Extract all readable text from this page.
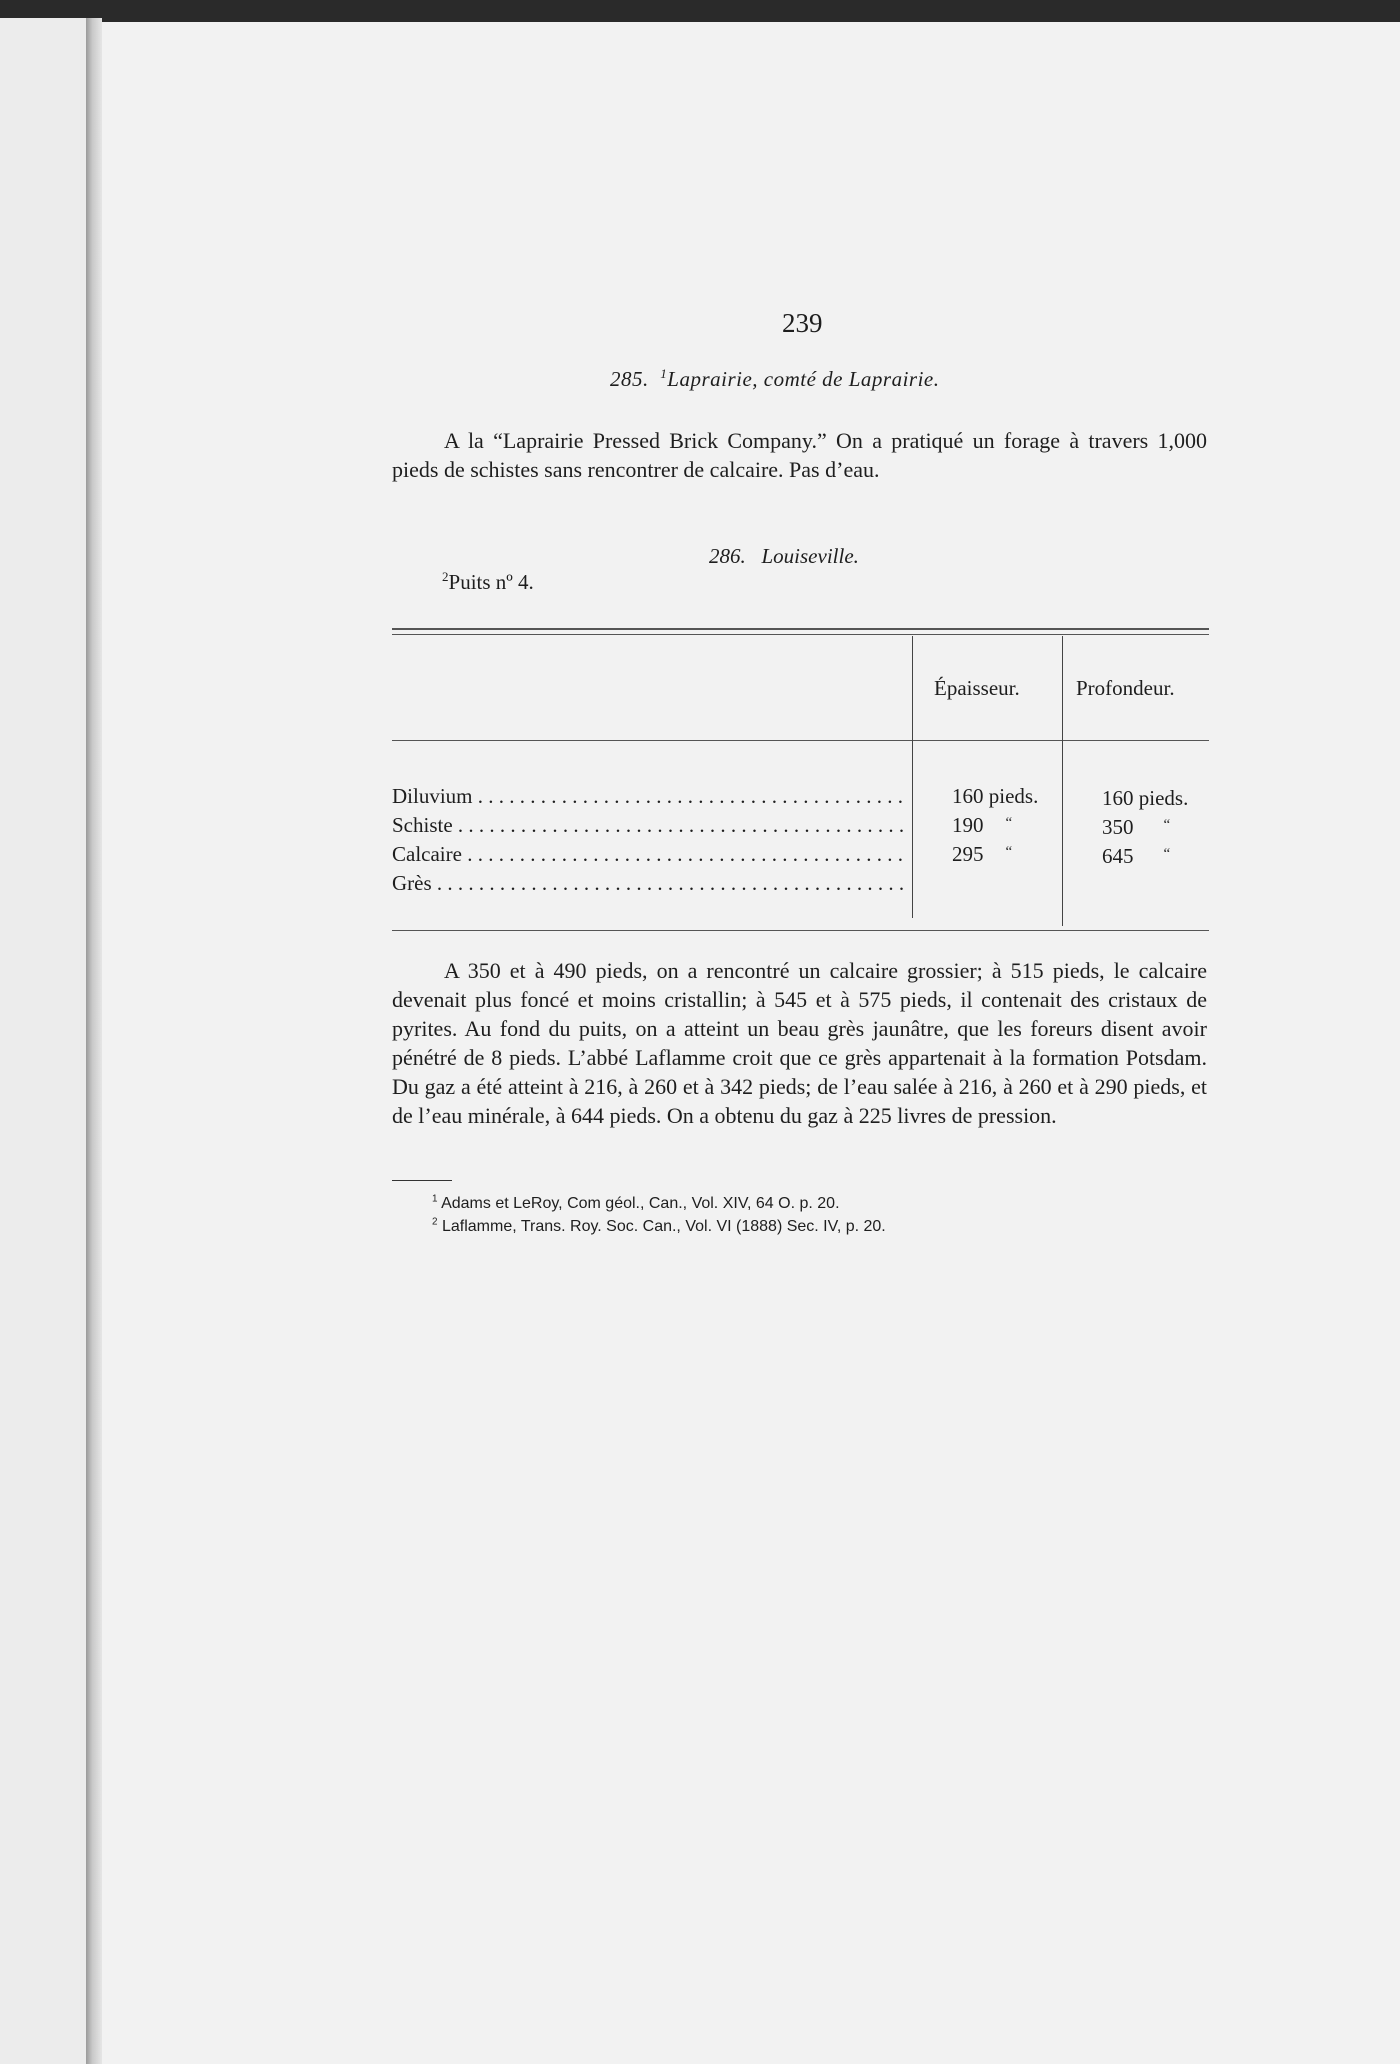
239
285. $^1$Laprairie, comté de Laprairie.
A la “Laprairie Pressed Brick Company.” On a pratiqué un forage à travers 1,000 pieds de schistes sans rencontrer de calcaire. Pas d’eau.
286. Louiseville.
$^2$Puits nº 4.
Épaisseur.	Profondeur.
Diluvium . . .
Schiste . . .
Calcaire . . .
Grès . . .
160 pieds.
190 “
295 “
160 pieds.
350 “
645 “
A 350 et à 490 pieds, on a rencontré un calcaire grossier; à 515 pieds, le calcaire devenait plus foncé et moins cristallin; à 545 et à 575 pieds, il contenait des cristaux de pyrites. Au fond du puits, on a atteint un beau grès jaunâtre, que les foreurs disent avoir pénétré de 8 pieds. L’abbé Laflamme croit que ce grès appartenait à la formation Potsdam. Du gaz a été atteint à 216, à 260 et à 342 pieds; de l’eau salée à 216, à 260 et à 290 pieds, et de l’eau minérale, à 644 pieds. On a obtenu du gaz à 225 livres de pression.
$^1$ Adams et LeRoy, Com géol., Can., Vol. XIV, 64 O. p. 20.
$^2$ Laflamme, Trans. Roy. Soc. Can., Vol. VI (1888) Sec. IV, p. 20.
